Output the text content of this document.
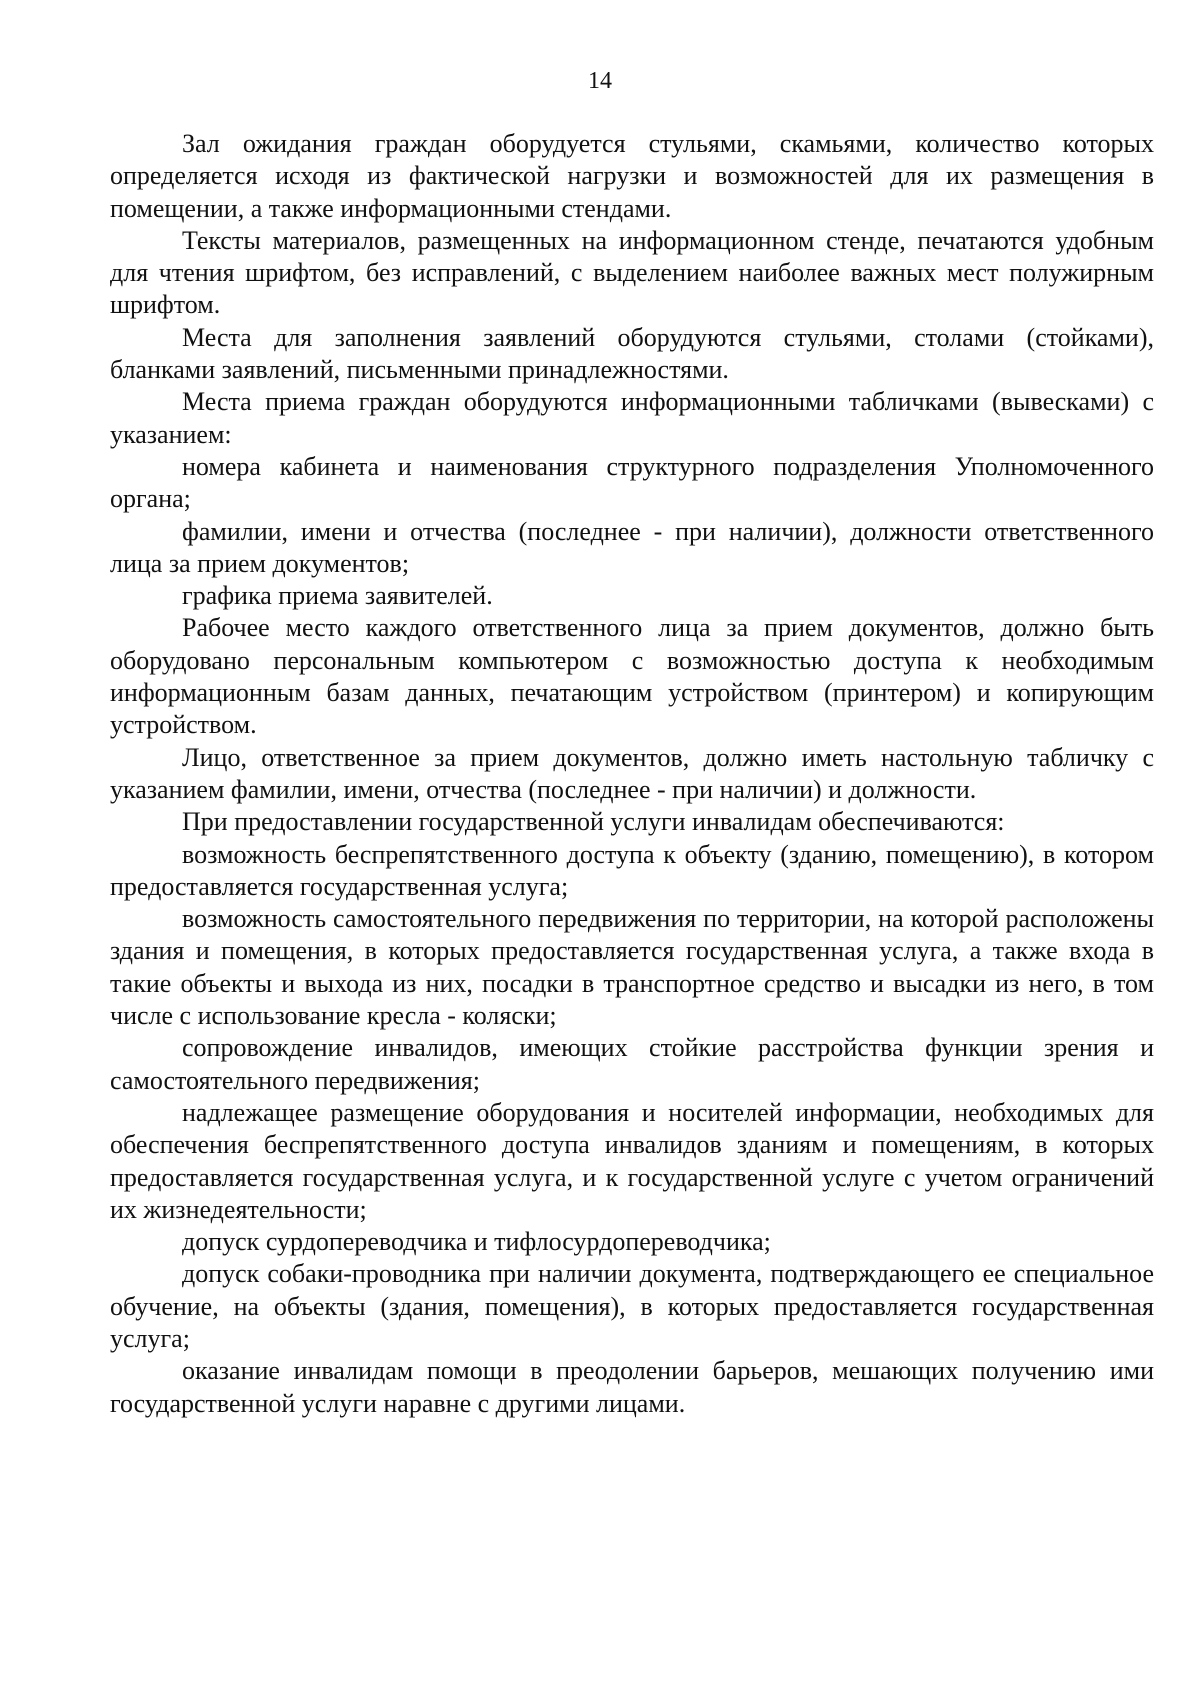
14

Зал ожидания граждан оборудуется стульями, скамьями, количество которых определяется исходя из фактической нагрузки и возможностей для их размещения в помещении, а также информационными стендами.

Тексты материалов, размещенных на информационном стенде, печатаются удобным для чтения шрифтом, без исправлений, с выделением наиболее важных мест полужирным шрифтом.

Места для заполнения заявлений оборудуются стульями, столами (стойками), бланками заявлений, письменными принадлежностями.

Места приема граждан оборудуются информационными табличками (вывесками) с указанием:

номера кабинета и наименования структурного подразделения Уполномоченного органа;

фамилии, имени и отчества (последнее - при наличии), должности ответственного лица за прием документов;

графика приема заявителей.

Рабочее место каждого ответственного лица за прием документов, должно быть оборудовано персональным компьютером с возможностью доступа к необходимым информационным базам данных, печатающим устройством (принтером) и копирующим устройством.

Лицо, ответственное за прием документов, должно иметь настольную табличку с указанием фамилии, имени, отчества (последнее - при наличии) и должности.

При предоставлении государственной услуги инвалидам обеспечиваются:

возможность беспрепятственного доступа к объекту (зданию, помещению), в котором предоставляется государственная услуга;

возможность самостоятельного передвижения по территории, на которой расположены здания и помещения, в которых предоставляется государственная услуга, а также входа в такие объекты и выхода из них, посадки в транспортное средство и высадки из него, в том числе с использование кресла - коляски;

сопровождение инвалидов, имеющих стойкие расстройства функции зрения и самостоятельного передвижения;

надлежащее размещение оборудования и носителей информации, необходимых для обеспечения беспрепятственного доступа инвалидов зданиям и помещениям, в которых предоставляется государственная услуга, и к государственной услуге с учетом ограничений их жизнедеятельности;

допуск сурдопереводчика и тифлосурдопереводчика;

допуск собаки-проводника при наличии документа, подтверждающего ее специальное обучение, на объекты (здания, помещения), в которых предоставляется государственная услуга;

оказание инвалидам помощи в преодолении барьеров, мешающих получению ими государственной услуги наравне с другими лицами.
